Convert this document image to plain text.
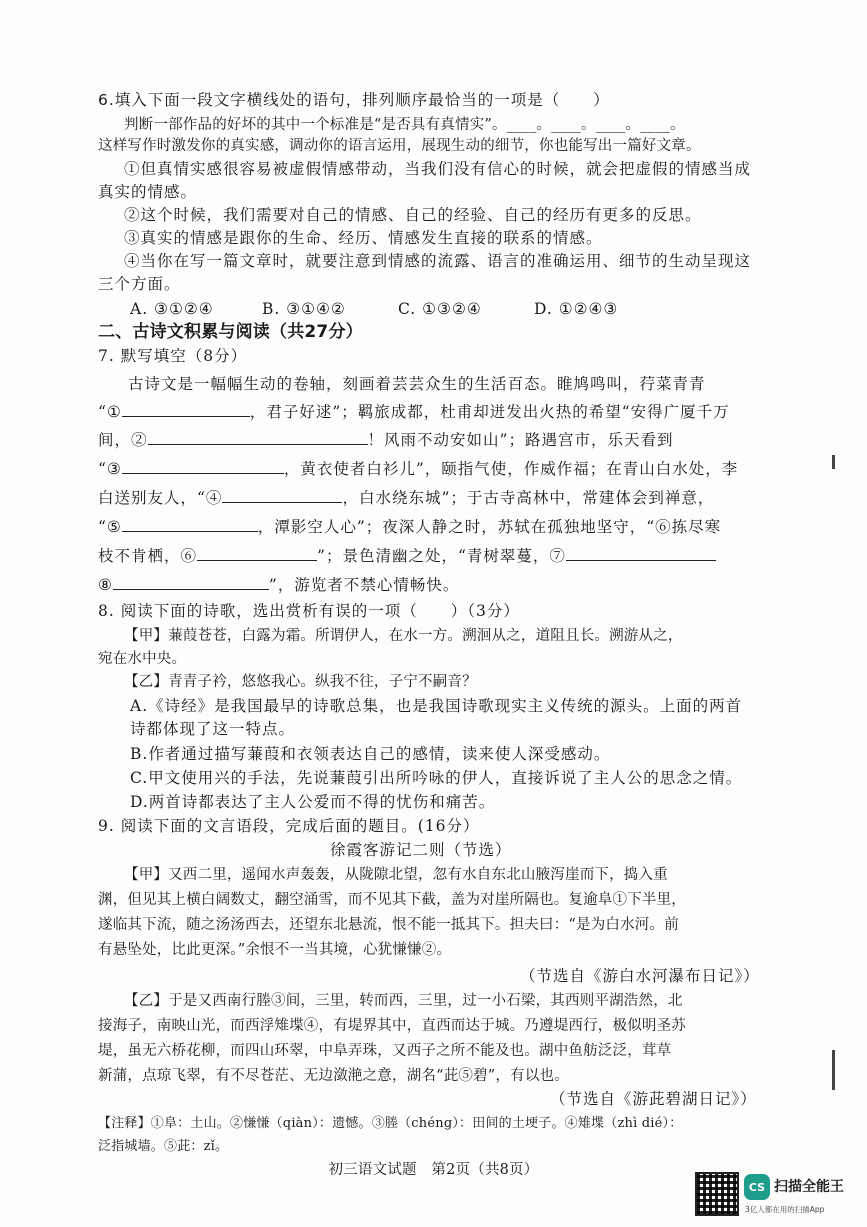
6.填入下面一段文字横线处的语句，排列顺序最恰当的一项是（　　）
判断一部作品的好坏的其中一个标准是“是否具有真情实”。____。____。____。____。
这样写作时激发你的真实感，调动你的语言运用，展现生动的细节，你也能写出一篇好文章。
①但真情实感很容易被虚假情感带动，当我们没有信心的时候，就会把虚假的情感当成
真实的情感。
②这个时候，我们需要对自己的情感、自己的经验、自己的经历有更多的反思。
③真实的情感是跟你的生命、经历、情感发生直接的联系的情感。
④当你在写一篇文章时，就要注意到情感的流露、语言的准确运用、细节的生动呈现这
三个方面。
A. ③①②④	B. ③①④②	C. ①③②④	D. ①②④③
二、古诗文积累与阅读（共27分）
7. 默写填空（8分）
古诗文是一幅幅生动的卷轴，刻画着芸芸众生的生活百态。睢鸠鸣叫，荇菜青青
“①	，君子好逑”；羁旅成都，杜甫却迸发出火热的希望“安得广厦千万
间，②	！风雨不动安如山”；路遇宫市，乐天看到
“③	，黄衣使者白衫儿”，颐指气使，作威作福；在青山白水处，李
白送别友人，“④	，白水绕东城”；于古寺高林中，常建体会到禅意，
“⑤	，潭影空人心”；夜深人静之时，苏轼在孤独地坚守，“⑥拣尽寒
枝不肯栖，⑥	”；景色清幽之处，“青树翠蔓，⑦
⑧	”，游览者不禁心情畅快。
8. 阅读下面的诗歌，选出赏析有误的一项（　　）（3分）
【甲】蒹葭苍苍，白露为霜。所谓伊人，在水一方。溯洄从之，道阻且长。溯游从之，
宛在水中央。
【乙】青青子衿，悠悠我心。纵我不往，子宁不嗣音？
A.《诗经》是我国最早的诗歌总集，也是我国诗歌现实主义传统的源头。上面的两首
诗都体现了这一特点。
B.作者通过描写蒹葭和衣领表达自己的感情，读来使人深受感动。
C.甲文使用兴的手法，先说蒹葭引出所吟咏的伊人，直接诉说了主人公的思念之情。
D.两首诗都表达了主人公爱而不得的忧伤和痛苦。
9. 阅读下面的文言语段，完成后面的题目。(16分）
徐霞客游记二则（节选）
【甲】又西二里，遥闻水声轰轰，从陇隙北望，忽有水自东北山腋泻崖而下，捣入重
渊，但见其上横白阔数丈，翻空涌雪，而不见其下截，盖为对崖所隔也。复逾阜①下半里，
遂临其下流，随之汤汤西去，还望东北悬流，恨不能一抵其下。担夫曰：“是为白水河。前
有悬坠处，比此更深。”余恨不一当其境，心犹慊慊②。
（节选自《游白水河瀑布日记》）
【乙】于是又西南行塍③间，三里，转而西，三里，过一小石梁，其西则平湖浩然，北
接海子，南映山光，而西浮雉堞④，有堤界其中，直西而达于城。乃遵堤西行，极似明圣苏
堤，虽无六桥花柳，而四山环翠，中阜弄珠，又西子之所不能及也。湖中鱼舫泛泛，茸草
新蒲，点琼飞翠，有不尽苍茫、无边潋滟之意，湖名“茈⑤碧”，有以也。
（节选自《游茈碧湖日记》）
【注释】①阜：土山。②慊慊（qiàn）：遗憾。③塍（chéng）：田间的土埂子。④雉堞（zhì dié）：
泛指城墙。⑤茈：zǐ。
初三语文试题　第2页（共8页）
CS 扫描全能王
3亿人都在用的扫描App
